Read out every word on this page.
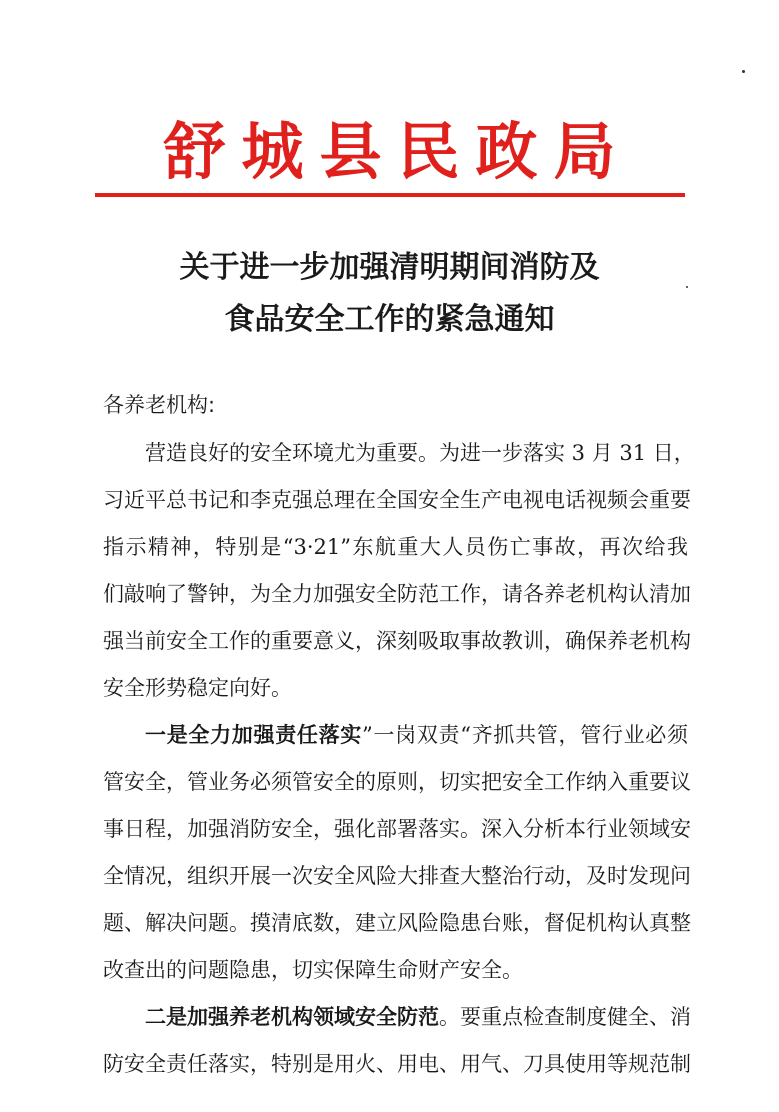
舒城县民政局
关于进一步加强清明期间消防及
食品安全工作的紧急通知
各养老机构:
营造良好的安全环境尤为重要。为进一步落实 3 月 31 日，
习近平总书记和李克强总理在全国安全生产电视电话视频会重要
指示精神，特别是“3·21”东航重大人员伤亡事故，再次给我
们敲响了警钟，为全力加强安全防范工作，请各养老机构认清加
强当前安全工作的重要意义，深刻吸取事故教训，确保养老机构
安全形势稳定向好。
一是全力加强责任落实”一岗双责“齐抓共管，管行业必须
管安全，管业务必须管安全的原则，切实把安全工作纳入重要议
事日程，加强消防安全，强化部署落实。深入分析本行业领域安
全情况，组织开展一次安全风险大排查大整治行动，及时发现问
题、解决问题。摸清底数，建立风险隐患台账，督促机构认真整
改查出的问题隐患，切实保障生命财产安全。
二是加强养老机构领域安全防范。要重点检查制度健全、消
防安全责任落实，特别是用火、用电、用气、刀具使用等规范制
